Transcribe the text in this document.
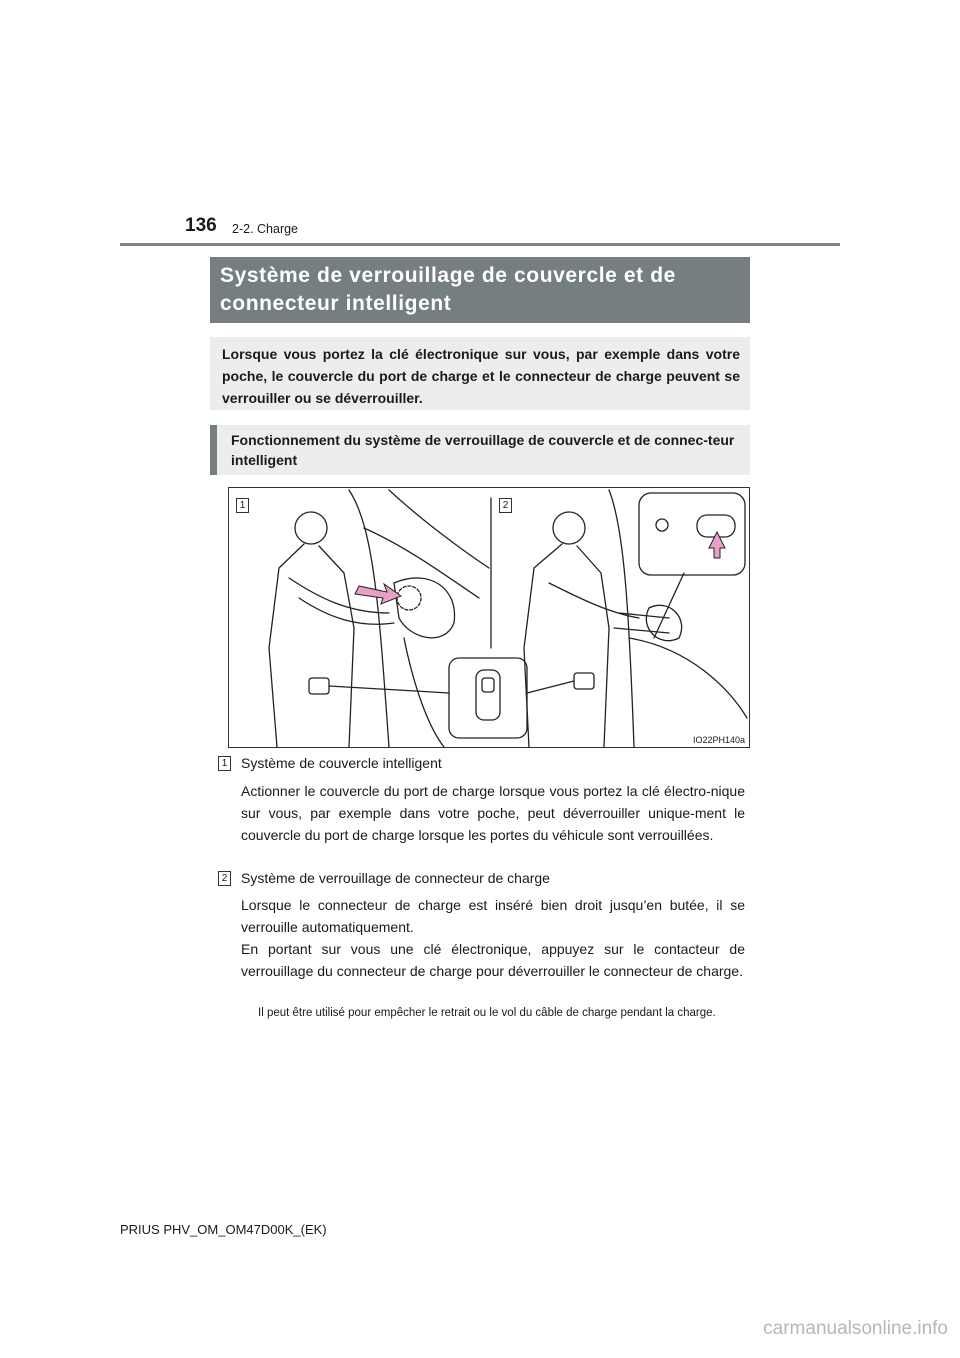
136 2-2. Charge
Système de verrouillage de couvercle et de connecteur intelligent
Lorsque vous portez la clé électronique sur vous, par exemple dans votre poche, le couvercle du port de charge et le connecteur de charge peuvent se verrouiller ou se déverrouiller.
Fonctionnement du système de verrouillage de couvercle et de connec-teur intelligent
1	2
IO22PH140a
1 Système de couvercle intelligent

Actionner le couvercle du port de charge lorsque vous portez la clé électro-nique sur vous, par exemple dans votre poche, peut déverrouiller unique-ment le couvercle du port de charge lorsque les portes du véhicule sont verrouillées.

2 Système de verrouillage de connecteur de charge

Lorsque le connecteur de charge est inséré bien droit jusqu’en butée, il se verrouille automatiquement.

En portant sur vous une clé électronique, appuyez sur le contacteur de verrouillage du connecteur de charge pour déverrouiller le connecteur de charge.

Il peut être utilisé pour empêcher le retrait ou le vol du câble de charge pendant la charge.

PRIUS PHV_OM_OM47D00K_(EK)
carmanualsonline.info
